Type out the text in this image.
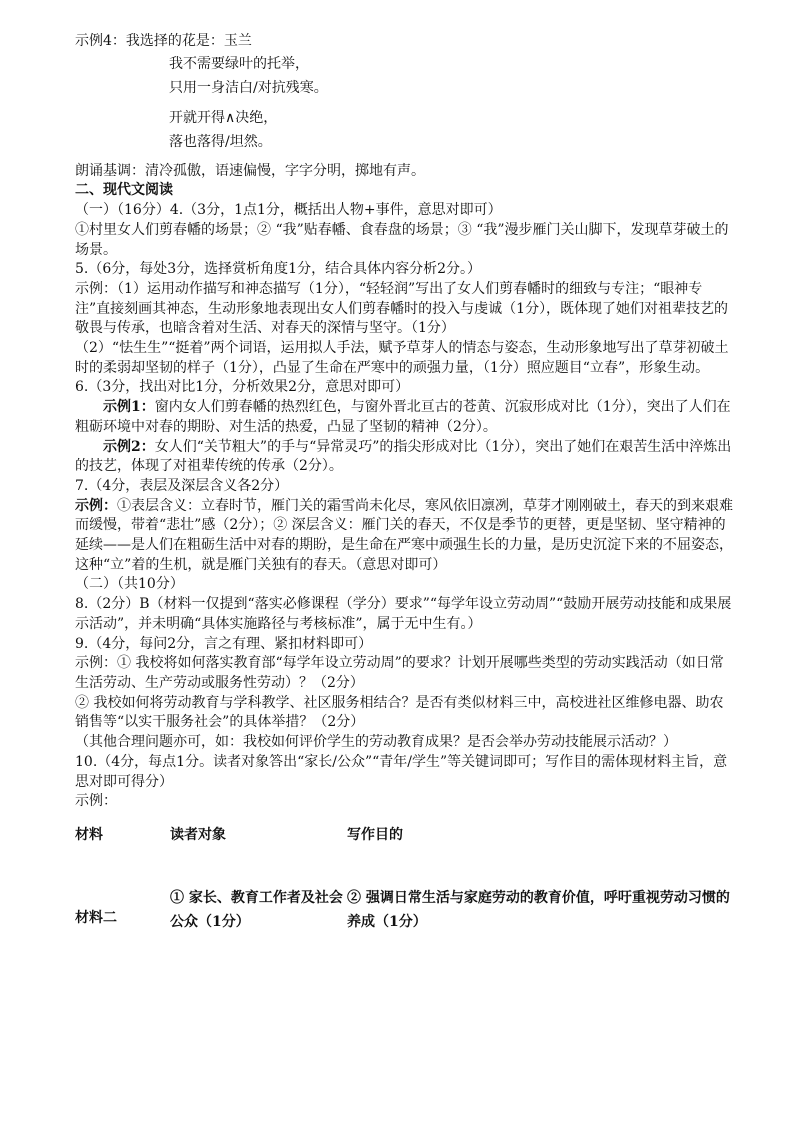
示例4：我选择的花是：玉兰
我不需要绿叶的托举，
只用一身洁白/对抗残寒。
开就开得∧决绝，
落也落得/坦然。
朗诵基调：清冷孤傲，语速偏慢，字字分明，掷地有声。
二、现代文阅读
（一）（16分）4.（3分，1点1分，概括出人物+事件，意思对即可）
①村里女人们剪春幡的场景；② “我”贴春幡、食春盘的场景；③ “我”漫步雁门关山脚下，发现草芽破土的场景。
5.（6分，每处3分，选择赏析角度1分，结合具体内容分析2分。）
示例：（1）运用动作描写和神态描写（1分），“轻轻润”写出了女人们剪春幡时的细致与专注；“眼神专注”直接刻画其神态，生动形象地表现出女人们剪春幡时的投入与虔诚（1分），既体现了她们对祖辈技艺的敬畏与传承，也暗含着对生活、对春天的深情与坚守。（1分）
（2）“怯生生”“挺着”两个词语，运用拟人手法，赋予草芽人的情态与姿态，生动形象地写出了草芽初破土时的柔弱却坚韧的样子（1分），凸显了生命在严寒中的顽强力量，（1分）照应题目“立春”，形象生动。
6.（3分，找出对比1分，分析效果2分，意思对即可）
示例1：窗内女人们剪春幡的热烈红色，与窗外晋北亘古的苍黄、沉寂形成对比（1分），突出了人们在粗砺环境中对春的期盼、对生活的热爱，凸显了坚韧的精神（2分）。
示例2：女人们“关节粗大”的手与“异常灵巧”的指尖形成对比（1分），突出了她们在艰苦生活中淬炼出的技艺，体现了对祖辈传统的传承（2分）。
7.（4分，表层及深层含义各2分）
示例：①表层含义：立春时节，雁门关的霜雪尚未化尽，寒风依旧凛冽，草芽才刚刚破土，春天的到来艰难而缓慢，带着“悲壮”感（2分）；② 深层含义：雁门关的春天，不仅是季节的更替，更是坚韧、坚守精神的延续——是人们在粗砺生活中对春的期盼，是生命在严寒中顽强生长的力量，是历史沉淀下来的不屈姿态，这种“立”着的生机，就是雁门关独有的春天。（意思对即可）
（二）（共10分）
8.（2分）B（材料一仅提到“落实必修课程（学分）要求”“每学年设立劳动周”“鼓励开展劳动技能和成果展示活动”，并未明确“具体实施路径与考核标准”，属于无中生有。）
9.（4分，每问2分，言之有理、紧扣材料即可）
示例：① 我校将如何落实教育部“每学年设立劳动周”的要求？计划开展哪些类型的劳动实践活动（如日常生活劳动、生产劳动或服务性劳动）？（2分）
② 我校如何将劳动教育与学科教学、社区服务相结合？是否有类似材料三中，高校进社区维修电器、助农销售等“以实干服务社会”的具体举措？（2分）
（其他合理问题亦可，如：我校如何评价学生的劳动教育成果？是否会举办劳动技能展示活动？）
10.（4分，每点1分。读者对象答出“家长/公众”“青年/学生”等关键词即可；写作目的需体现材料主旨，意思对即可得分）
示例：
材料	读者对象	写作目的
材料二	① 家长、教育工作者及社会公众（1分）	② 强调日常生活与家庭劳动的教育价值，呼吁重视劳动习惯的养成（1分）
